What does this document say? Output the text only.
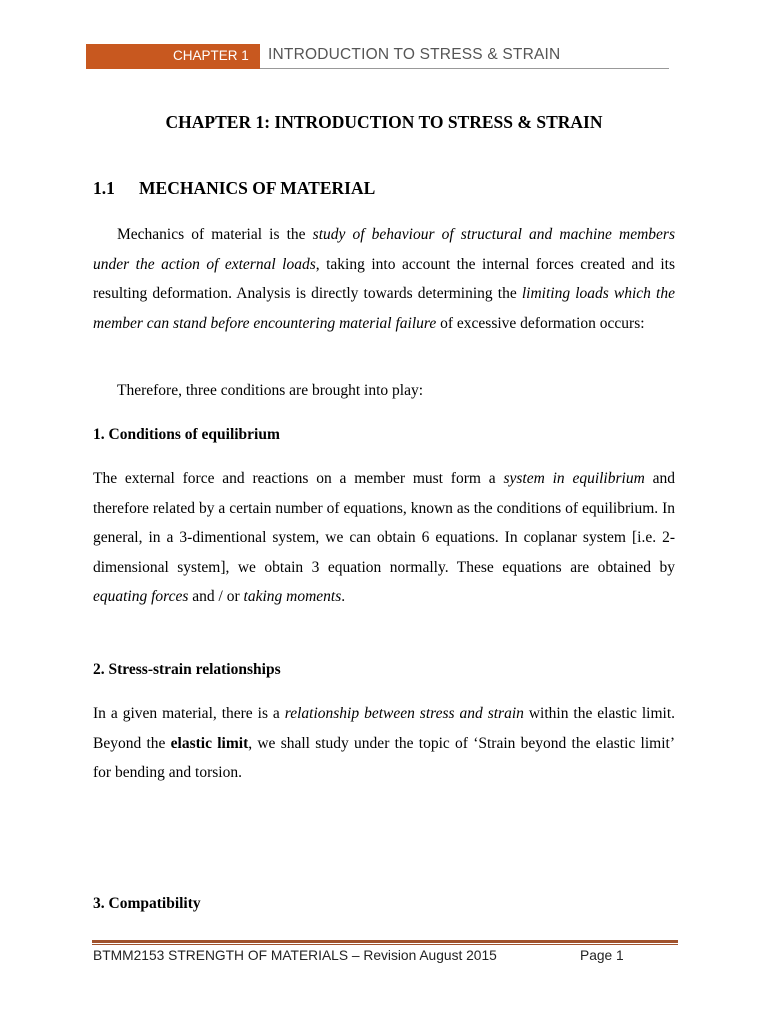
CHAPTER 1 INTRODUCTION TO STRESS & STRAIN
CHAPTER 1: INTRODUCTION TO STRESS & STRAIN
1.1 MECHANICS OF MATERIAL
Mechanics of material is the study of behaviour of structural and machine members under the action of external loads, taking into account the internal forces created and its resulting deformation. Analysis is directly towards determining the limiting loads which the member can stand before encountering material failure of excessive deformation occurs:
Therefore, three conditions are brought into play:
1. Conditions of equilibrium
The external force and reactions on a member must form a system in equilibrium and therefore related by a certain number of equations, known as the conditions of equilibrium. In general, in a 3-dimentional system, we can obtain 6 equations. In coplanar system [i.e. 2-dimensional system], we obtain 3 equation normally. These equations are obtained by equating forces and / or taking moments.
2. Stress-strain relationships
In a given material, there is a relationship between stress and strain within the elastic limit. Beyond the elastic limit, we shall study under the topic of ‘Strain beyond the elastic limit’ for bending and torsion.
3. Compatibility
BTMM2153 STRENGTH OF MATERIALS – Revision August 2015	Page 1
